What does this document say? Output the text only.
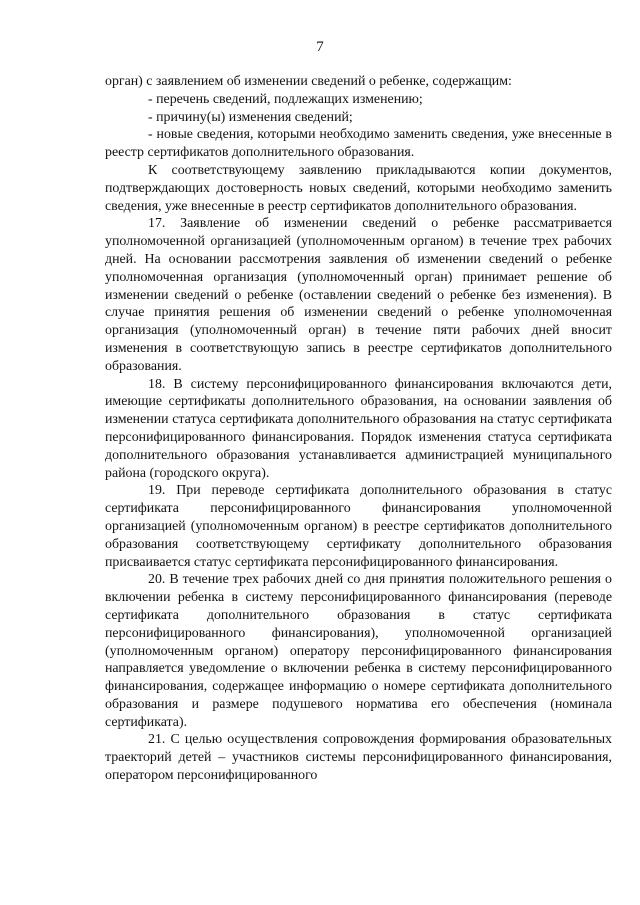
7

орган) с заявлением об изменении сведений о ребенке, содержащим:

- перечень сведений, подлежащих изменению;

- причину(ы) изменения сведений;

- новые сведения, которыми необходимо заменить сведения, уже внесенные в реестр сертификатов дополнительного образования.

К соответствующему заявлению прикладываются копии документов, подтверждающих достоверность новых сведений, которыми необходимо заменить сведения, уже внесенные в реестр сертификатов дополнительного образования.

17. Заявление об изменении сведений о ребенке рассматривается уполномоченной организацией (уполномоченным органом) в течение трех рабочих дней. На основании рассмотрения заявления об изменении сведений о ребенке уполномоченная организация (уполномоченный орган) принимает решение об изменении сведений о ребенке (оставлении сведений о ребенке без изменения). В случае принятия решения об изменении сведений о ребенке уполномоченная организация (уполномоченный орган) в течение пяти рабочих дней вносит изменения в соответствующую запись в реестре сертификатов дополнительного образования.

18. В систему персонифицированного финансирования включаются дети, имеющие сертификаты дополнительного образования, на основании заявления об изменении статуса сертификата дополнительного образования на статус сертификата персонифицированного финансирования. Порядок изменения статуса сертификата дополнительного образования устанавливается администрацией муниципального района (городского округа).

19. При переводе сертификата дополнительного образования в статус сертификата персонифицированного финансирования уполномоченной организацией (уполномоченным органом) в реестре сертификатов дополнительного образования соответствующему сертификату дополнительного образования присваивается статус сертификата персонифицированного финансирования.

20. В течение трех рабочих дней со дня принятия положительного решения о включении ребенка в систему персонифицированного финансирования (переводе сертификата дополнительного образования в статус сертификата персонифицированного финансирования), уполномоченной организацией (уполномоченным органом) оператору персонифицированного финансирования направляется уведомление о включении ребенка в систему персонифицированного финансирования, содержащее информацию о номере сертификата дополнительного образования и размере подушевого норматива его обеспечения (номинала сертификата).

21. С целью осуществления сопровождения формирования образовательных траекторий детей – участников системы персонифицированного финансирования, оператором персонифицированного
